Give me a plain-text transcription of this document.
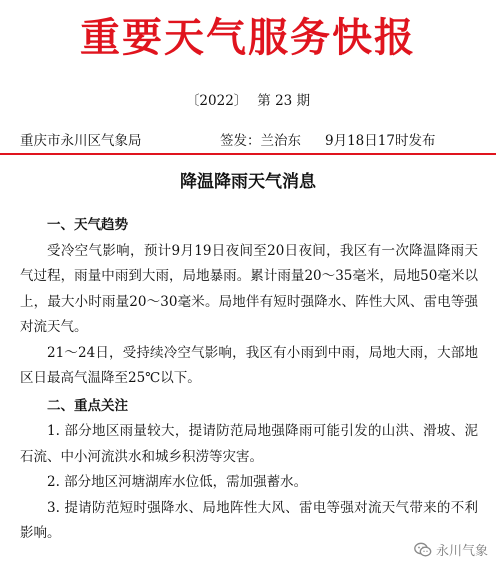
重要天气服务快报
〔2022〕 第 23 期
重庆市永川区气象局	签发：兰治东 9月18日17时发布
降温降雨天气消息
一、天气趋势

受冷空气影响，预计9月19日夜间至20日夜间，我区有一次降温降雨天气过程，雨量中雨到大雨，局地暴雨。累计雨量20～35毫米，局地50毫米以上，最大小时雨量20～30毫米。局地伴有短时强降水、阵性大风、雷电等强对流天气。

21～24日，受持续冷空气影响，我区有小雨到中雨，局地大雨，大部地区日最高气温降至25℃以下。

二、重点关注

1. 部分地区雨量较大，提请防范局地强降雨可能引发的山洪、滑坡、泥石流、中小河流洪水和城乡积涝等灾害。

2. 部分地区河塘湖库水位低，需加强蓄水。

3. 提请防范短时强降水、局地阵性大风、雷电等强对流天气带来的不利影响。

永川气象
